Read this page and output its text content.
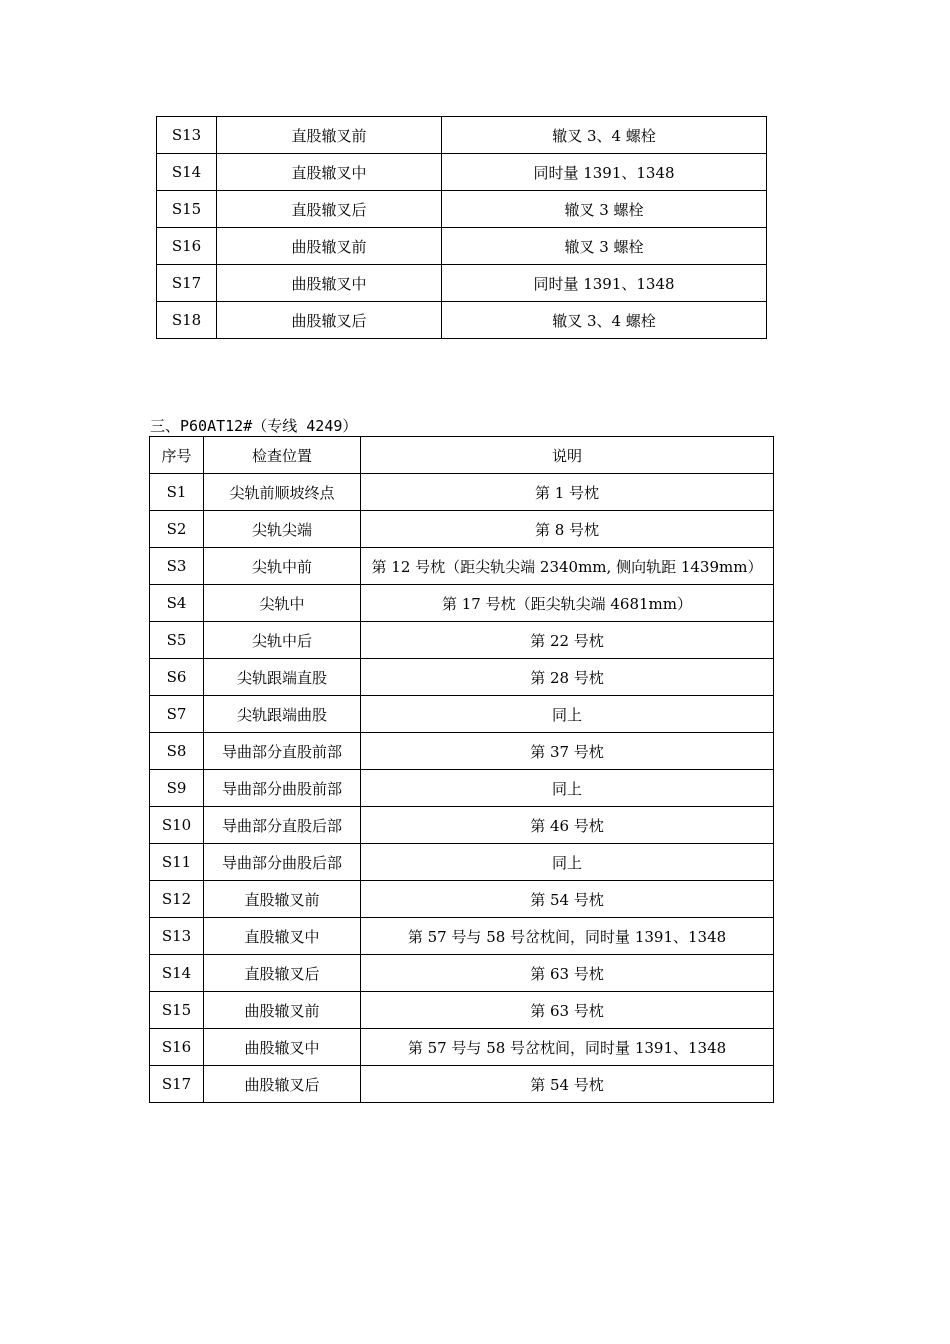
S13	直股辙叉前	辙叉 3、4 螺栓
S14	直股辙叉中	同时量 1391、1348
S15	直股辙叉后	辙叉 3 螺栓
S16	曲股辙叉前	辙叉 3 螺栓
S17	曲股辙叉中	同时量 1391、1348
S18	曲股辙叉后	辙叉 3、4 螺栓
三、P60AT12#（专线 4249）
序号	检查位置	说明
S1	尖轨前顺坡终点	第 1 号枕
S2	尖轨尖端	第 8 号枕
S3	尖轨中前	第 12 号枕（距尖轨尖端 2340mm, 侧向轨距 1439mm）
S4	尖轨中	第 17 号枕（距尖轨尖端 4681mm）
S5	尖轨中后	第 22 号枕
S6	尖轨跟端直股	第 28 号枕
S7	尖轨跟端曲股	同上
S8	导曲部分直股前部	第 37 号枕
S9	导曲部分曲股前部	同上
S10	导曲部分直股后部	第 46 号枕
S11	导曲部分曲股后部	同上
S12	直股辙叉前	第 54 号枕
S13	直股辙叉中	第 57 号与 58 号岔枕间，同时量 1391、1348
S14	直股辙叉后	第 63 号枕
S15	曲股辙叉前	第 63 号枕
S16	曲股辙叉中	第 57 号与 58 号岔枕间，同时量 1391、1348
S17	曲股辙叉后	第 54 号枕
